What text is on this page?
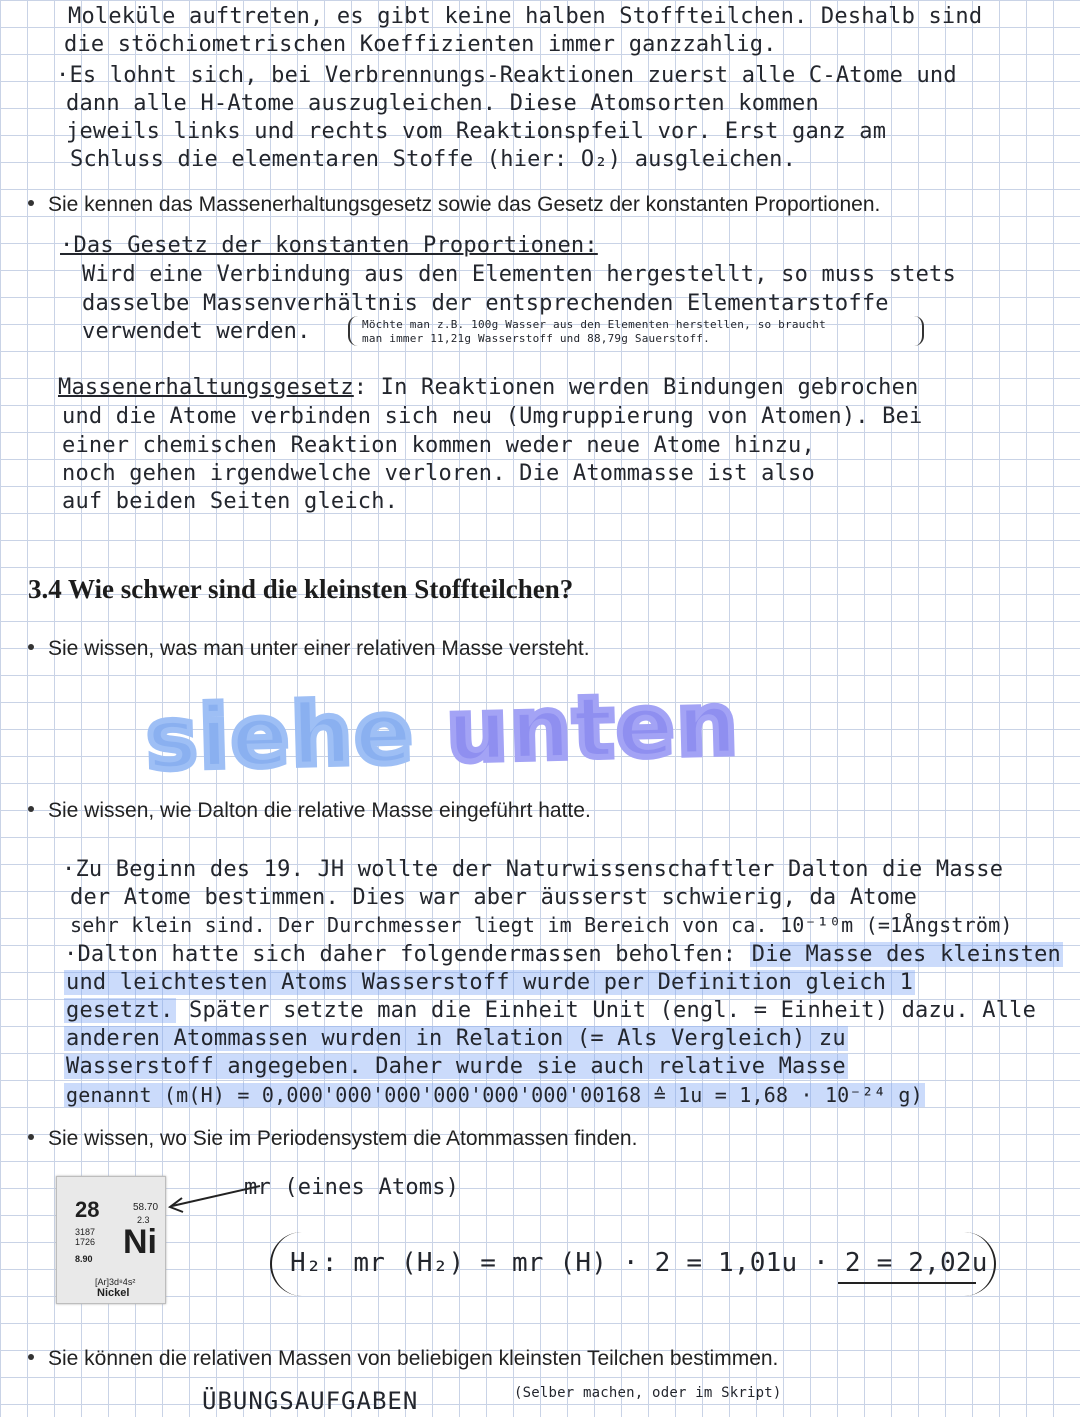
Moleküle auftreten, es gibt keine halben Stoffteilchen. Deshalb sind
die stöchiometrischen Koeffizienten immer ganzzahlig.
·Es lohnt sich, bei Verbrennungs-Reaktionen zuerst alle C-Atome und
dann alle H-Atome auszugleichen. Diese Atomsorten kommen
jeweils links und rechts vom Reaktionspfeil vor. Erst ganz am
Schluss die elementaren Stoffe (hier: O₂) ausgleichen.
Sie kennen das Massenerhaltungsgesetz sowie das Gesetz der konstanten Proportionen.
·Das Gesetz der konstanten Proportionen:
Wird eine Verbindung aus den Elementen hergestellt, so muss stets
dasselbe Massenverhältnis der entsprechenden Elementarstoffe
verwendet werden.	Möchte man z.B. 100g Wasser aus den Elementen herstellen, so braucht
man immer 11,21g Wasserstoff und 88,79g Sauerstoff.
Massenerhaltungsgesetz: In Reaktionen werden Bindungen gebrochen
und die Atome verbinden sich neu (Umgruppierung von Atomen). Bei
einer chemischen Reaktion kommen weder neue Atome hinzu,
noch gehen irgendwelche verloren. Die Atommasse ist also
auf beiden Seiten gleich.
3.4 Wie schwer sind die kleinsten Stoffteilchen?
Sie wissen, was man unter einer relativen Masse versteht.
siehe unten
Sie wissen, wie Dalton die relative Masse eingeführt hatte.
·Zu Beginn des 19. JH wollte der Naturwissenschaftler Dalton die Masse
der Atome bestimmen. Dies war aber äusserst schwierig, da Atome
sehr klein sind. Der Durchmesser liegt im Bereich von ca. 10⁻¹⁰m (=1Ångström)
·Dalton hatte sich daher folgendermassen beholfen: Die Masse des kleinsten
und leichtesten Atoms Wasserstoff wurde per Definition gleich 1
gesetzt. Später setzte man die Einheit Unit (engl. = Einheit) dazu. Alle
anderen Atommassen wurden in Relation (= Als Vergleich) zu
Wasserstoff angegeben. Daher wurde sie auch relative Masse
genannt (m(H) = 0,000'000'000'000'000'000'00168 ≙ 1u = 1,68 · 10⁻²⁴ g)
Sie wissen, wo Sie im Periodensystem die Atommassen finden.
28	58.70
2.3
3187
1726
8.90 Ni
[Ar]3d⁸4s²
Nickel
mr (eines Atoms)
H₂: mr (H₂) = mr (H) · 2 = 1,01u · 2 = 2,02u
Sie können die relativen Massen von beliebigen kleinsten Teilchen bestimmen.
ÜBUNGSAUFGABEN	(Selber machen, oder im Skript)
